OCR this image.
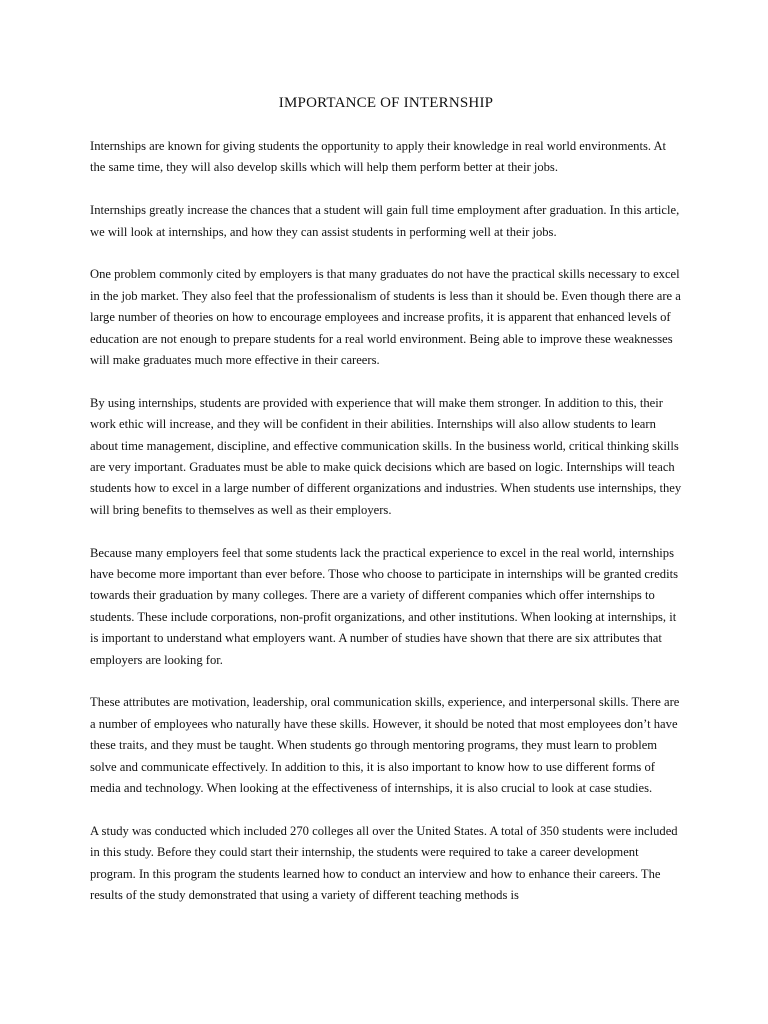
IMPORTANCE OF INTERNSHIP

Internships are known for giving students the opportunity to apply their knowledge in real world environments. At the same time, they will also develop skills which will help them perform better at their jobs.

Internships greatly increase the chances that a student will gain full time employment after graduation. In this article, we will look at internships, and how they can assist students in performing well at their jobs.

One problem commonly cited by employers is that many graduates do not have the practical skills necessary to excel in the job market. They also feel that the professionalism of students is less than it should be. Even though there are a large number of theories on how to encourage employees and increase profits, it is apparent that enhanced levels of education are not enough to prepare students for a real world environment. Being able to improve these weaknesses will make graduates much more effective in their careers.

By using internships, students are provided with experience that will make them stronger. In addition to this, their work ethic will increase, and they will be confident in their abilities. Internships will also allow students to learn about time management, discipline, and effective communication skills. In the business world, critical thinking skills are very important. Graduates must be able to make quick decisions which are based on logic. Internships will teach students how to excel in a large number of different organizations and industries. When students use internships, they will bring benefits to themselves as well as their employers.

Because many employers feel that some students lack the practical experience to excel in the real world, internships have become more important than ever before. Those who choose to participate in internships will be granted credits towards their graduation by many colleges. There are a variety of different companies which offer internships to students. These include corporations, non-profit organizations, and other institutions. When looking at internships, it is important to understand what employers want. A number of studies have shown that there are six attributes that employers are looking for.

These attributes are motivation, leadership, oral communication skills, experience, and interpersonal skills. There are a number of employees who naturally have these skills. However, it should be noted that most employees don’t have these traits, and they must be taught. When students go through mentoring programs, they must learn to problem solve and communicate effectively. In addition to this, it is also important to know how to use different forms of media and technology. When looking at the effectiveness of internships, it is also crucial to look at case studies.

A study was conducted which included 270 colleges all over the United States. A total of 350 students were included in this study. Before they could start their internship, the students were required to take a career development program. In this program the students learned how to conduct an interview and how to enhance their careers. The results of the study demonstrated that using a variety of different teaching methods is
